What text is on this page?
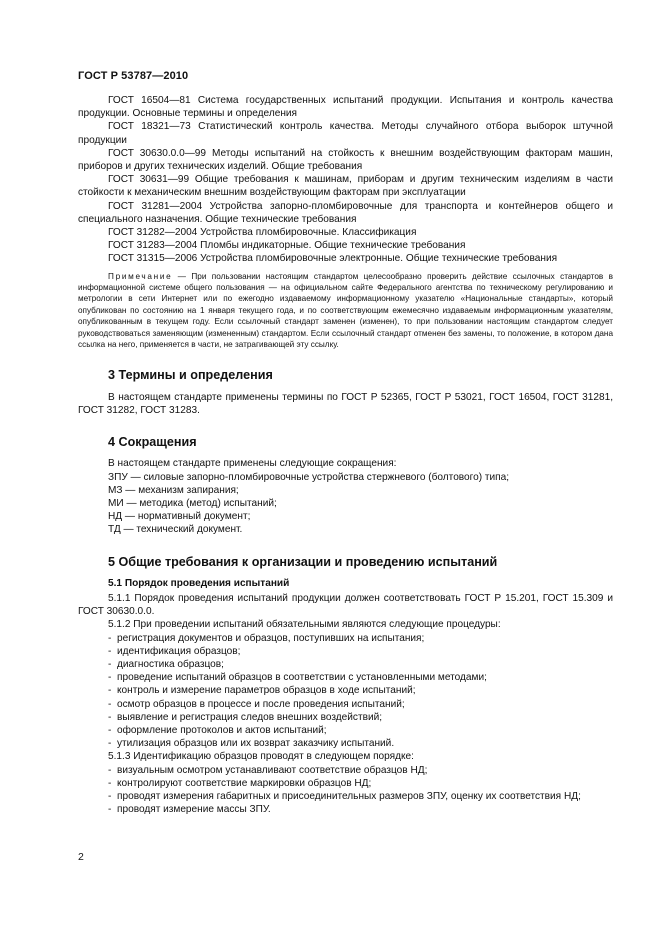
ГОСТ Р 53787—2010

ГОСТ 16504—81 Система государственных испытаний продукции. Испытания и контроль качества продукции. Основные термины и определения

ГОСТ 18321—73 Статистический контроль качества. Методы случайного отбора выборок штучной продукции

ГОСТ 30630.0.0—99 Методы испытаний на стойкость к внешним воздействующим факторам машин, приборов и других технических изделий. Общие требования

ГОСТ 30631—99 Общие требования к машинам, приборам и другим техническим изделиям в части стойкости к механическим внешним воздействующим факторам при эксплуатации

ГОСТ 31281—2004 Устройства запорно-пломбировочные для транспорта и контейнеров общего и специального назначения. Общие технические требования

ГОСТ 31282—2004 Устройства пломбировочные. Классификация

ГОСТ 31283—2004 Пломбы индикаторные. Общие технические требования

ГОСТ 31315—2006 Устройства пломбировочные электронные. Общие технические требования

Примечание — При пользовании настоящим стандартом целесообразно проверить действие ссылочных стандартов в информационной системе общего пользования — на официальном сайте Федерального агентства по техническому регулированию и метрологии в сети Интернет или по ежегодно издаваемому информационному указателю «Национальные стандарты», который опубликован по состоянию на 1 января текущего года, и по соответствующим ежемесячно издаваемым информационным указателям, опубликованным в текущем году. Если ссылочный стандарт заменен (изменен), то при пользовании настоящим стандартом следует руководствоваться заменяющим (измененным) стандартом. Если ссылочный стандарт отменен без замены, то положение, в котором дана ссылка на него, применяется в части, не затрагивающей эту ссылку.

3 Термины и определения

В настоящем стандарте применены термины по ГОСТ Р 52365, ГОСТ Р 53021, ГОСТ 16504, ГОСТ 31281, ГОСТ 31282, ГОСТ 31283.

4 Сокращения

В настоящем стандарте применены следующие сокращения:

ЗПУ — силовые запорно-пломбировочные устройства стержневого (болтового) типа;

МЗ — механизм запирания;

МИ — методика (метод) испытаний;

НД — нормативный документ;

ТД — технический документ.

5 Общие требования к организации и проведению испытаний
5.1 Порядок проведения испытаний

5.1.1 Порядок проведения испытаний продукции должен соответствовать ГОСТ Р 15.201, ГОСТ 15.309 и ГОСТ 30630.0.0.

5.1.2 При проведении испытаний обязательными являются следующие процедуры:

- регистрация документов и образцов, поступивших на испытания;

- идентификация образцов;

- диагностика образцов;

- проведение испытаний образцов в соответствии с установленными методами;

- контроль и измерение параметров образцов в ходе испытаний;

- осмотр образцов в процессе и после проведения испытаний;

- выявление и регистрация следов внешних воздействий;

- оформление протоколов и актов испытаний;

- утилизация образцов или их возврат заказчику испытаний.

5.1.3 Идентификацию образцов проводят в следующем порядке:

- визуальным осмотром устанавливают соответствие образцов НД;

- контролируют соответствие маркировки образцов НД;

- проводят измерения габаритных и присоединительных размеров ЗПУ, оценку их соответствия НД;

- проводят измерение массы ЗПУ.

2
